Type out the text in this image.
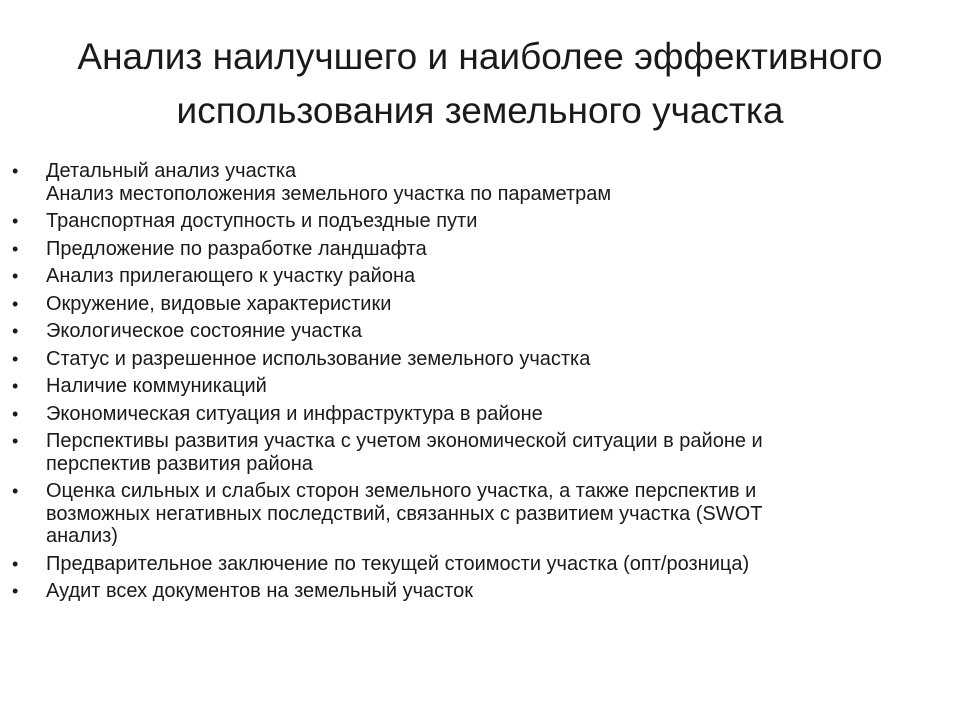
Анализ наилучшего и наиболее эффективного
использования земельного участка
•	Детальный анализ участка
Анализ местоположения земельного участка по параметрам
•	Транспортная доступность и подъездные пути
•	Предложение по разработке ландшафта
•	Анализ прилегающего к участку района
•	Окружение, видовые характеристики
•	Экологическое состояние участка
•	Статус и разрешенное использование земельного участка
•	Наличие коммуникаций
•	Экономическая ситуация и инфраструктура в районе
•	Перспективы развития участка с учетом экономической ситуации в районе и
перспектив развития района
•	Оценка сильных и слабых сторон земельного участка, а также перспектив и
возможных негативных последствий, связанных с развитием участка (SWOT
анализ)
•	Предварительное заключение по текущей стоимости участка (опт/розница)
•	Аудит всех документов на земельный участок
